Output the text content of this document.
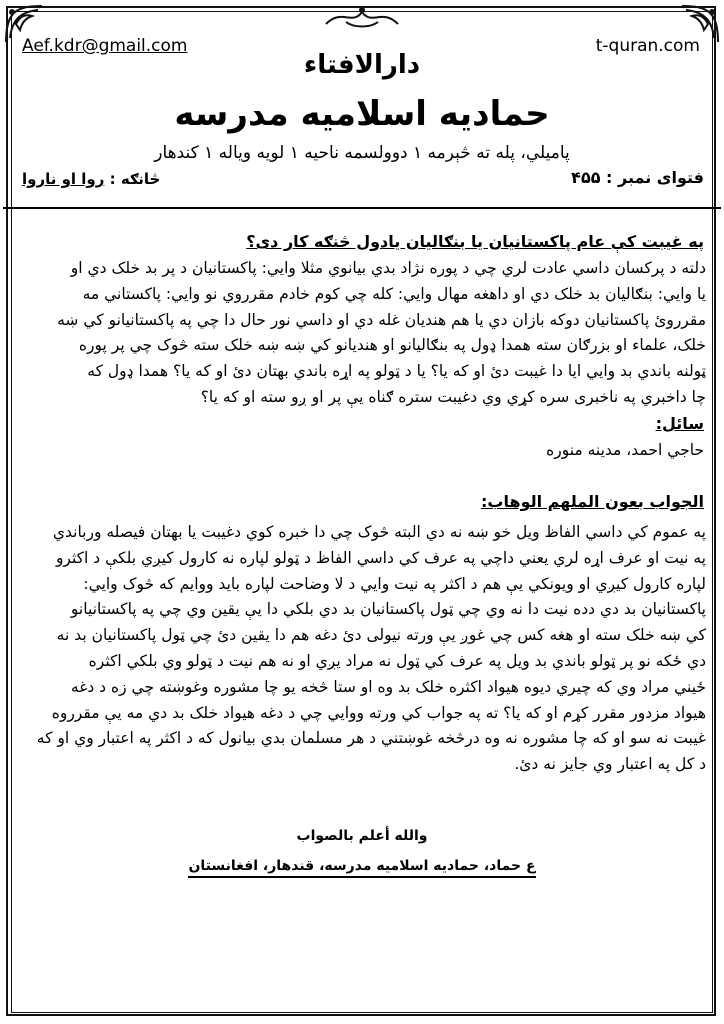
Aef.kdr@gmail.com	t-quran.com
دارالافتاء
حمادیه اسلامیه مدرسه
پامیلي، پله ته څېرمه ۱ دوولسمه ناحیه ۱ لویه ویاله ۱ کندهار
فتوای نمبر : ۴۵۵
څانګه : روا او ناروا
په غیبت کې عام پاکستانیان یا بنګالیان یادول څنګه کار دی؟
دلته د پرکسان داسي عادت لري چي د پوره نژاد بدي بیانوي مثلا وایي: پاکستانیان د پر بد خلک دي او
یا وایي: بنګالیان بد خلک دي او داهغه مهال وایي: کله چي کوم خادم مقرروي نو وایي: پاکستاني مه
مقرروئ پاکستانیان دوکه بازان دي یا هم هندیان غله دي او داسي نور حال دا چي په پاکستانیانو کي ښه
خلک، علماء او بزرګان سته همدا ډول په بنګالیانو او هندیانو کي ښه ښه خلک سته څوک چي پر پوره
ټولنه باندي بد وایي ایا دا غیبت دئ او که یا؟ یا د ټولو په اړه باندي بهتان دئ او که یا؟ همدا ډول که
چا داخبري په ناخبری سره کړي وي دغیبت ستره ګناه یې پر او ږو سته او که یا؟
سائل:
حاجي احمد، مدینه منوره
الجواب بعون الملهم الوهاب:
په عموم کي داسي الفاظ ویل خو ښه نه دي البته څوک چي دا خبره کوي دغیبت یا بهتان فیصله ورباندي
په نیت او عرف اړه لري یعني داچي په عرف کي داسي الفاظ د ټولو لپاره نه کارول کیږي بلکې د اکثرو
لپاره کارول کیږي او ویونکي یې هم د اکثر په نیت وایي د لا وضاحت لپاره باید ووایم که څوک وایي:
پاکستانیان بد دي دده نیت دا نه وي چي ټول پاکستانیان بد دي بلکي دا یې یقین وي چي په پاکستانیانو
کي ښه خلک سته او هغه کس چي غوږ یې ورته نیولی دئ دغه هم دا یقین دئ چي ټول پاکستانیان بد نه
دي ځکه نو پر ټولو باندي بد ویل په عرف کي ټول نه مراد یږي او نه هم نیت د ټولو وي بلکي اکثره
ځیني مراد وي که چیري دیوه هیواد اکثره خلک بد وه او ستا څخه یو چا مشوره وغوښته چي زه د دغه
هیواد مزدور مقرر کړم او که یا؟ ته په جواب کي ورته ووایي چي د دغه هیواد خلک بد دي مه یې مقرروه
غیبت نه سو او که چا مشوره نه وه درڅخه غوښتني د هر مسلمان بدي بیانول که د اکثر په اعتبار وي او که
د کل په اعتبار وي جایز نه دئ.
والله أعلم بالصواب
ع حماد، حمادیه اسلامیه مدرسه، قندهار، افغانستان
